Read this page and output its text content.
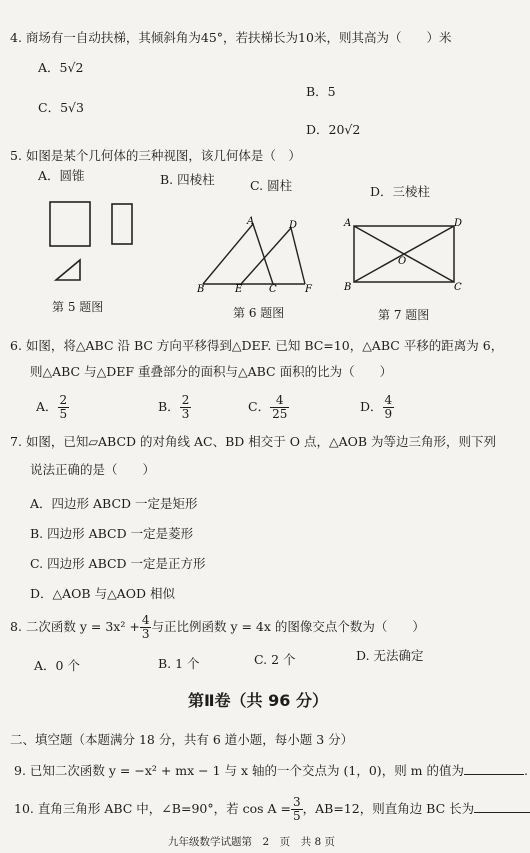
4. 商场有一自动扶梯，其倾斜角为45°，若扶梯长为10米，则其高为（　　）米
A．5√2
B．5
C．5√3
D．20√2
5. 如图是某个几何体的三种视图，该几何体是（　）
A．圆锥	B. 四棱柱	C. 圆柱	D．三棱柱
第 5 题图
A	D
B	E	C	F
第 6 题图
A	D
O
B	C
第 7 题图
6. 如图，将△ABC 沿 BC 方向平移得到△DEF. 已知 BC=10，△ABC 平移的距离为 6，
则△ABC 与△DEF 重叠部分的面积与△ABC 面积的比为（　　）
A． $\frac{2}{5}$	B． $\frac{2}{3}$	C． $\frac{4}{25}$	D． $\frac{4}{9}$
7. 如图，已知▱ABCD 的对角线 AC、BD 相交于 O 点，△AOB 为等边三角形，则下列
说法正确的是（　　）
A．四边形 ABCD 一定是矩形
B. 四边形 ABCD 一定是菱形
C. 四边形 ABCD 一定是正方形
D．△AOB 与△AOD 相似
8. 二次函数 $y = 3x^2 + \frac{4}{3}$ 与正比例函数 y = 4x 的图像交点个数为（　　）
A．0 个	B. 1 个	C. 2 个	D. 无法确定
第Ⅱ卷（共 96 分）
二、填空题（本题满分 18 分，共有 6 道小题，每小题 3 分）
9. 已知二次函数 y = −x² + mx − 1 与 x 轴的一个交点为 (1，0)，则 m 的值为	.
10. 直角三角形 ABC 中，∠B=90°，若 $\cos A = \frac{3}{5}$ ，AB=12，则直角边 BC 长为
九年级数学试题第　2　页　共 8 页
